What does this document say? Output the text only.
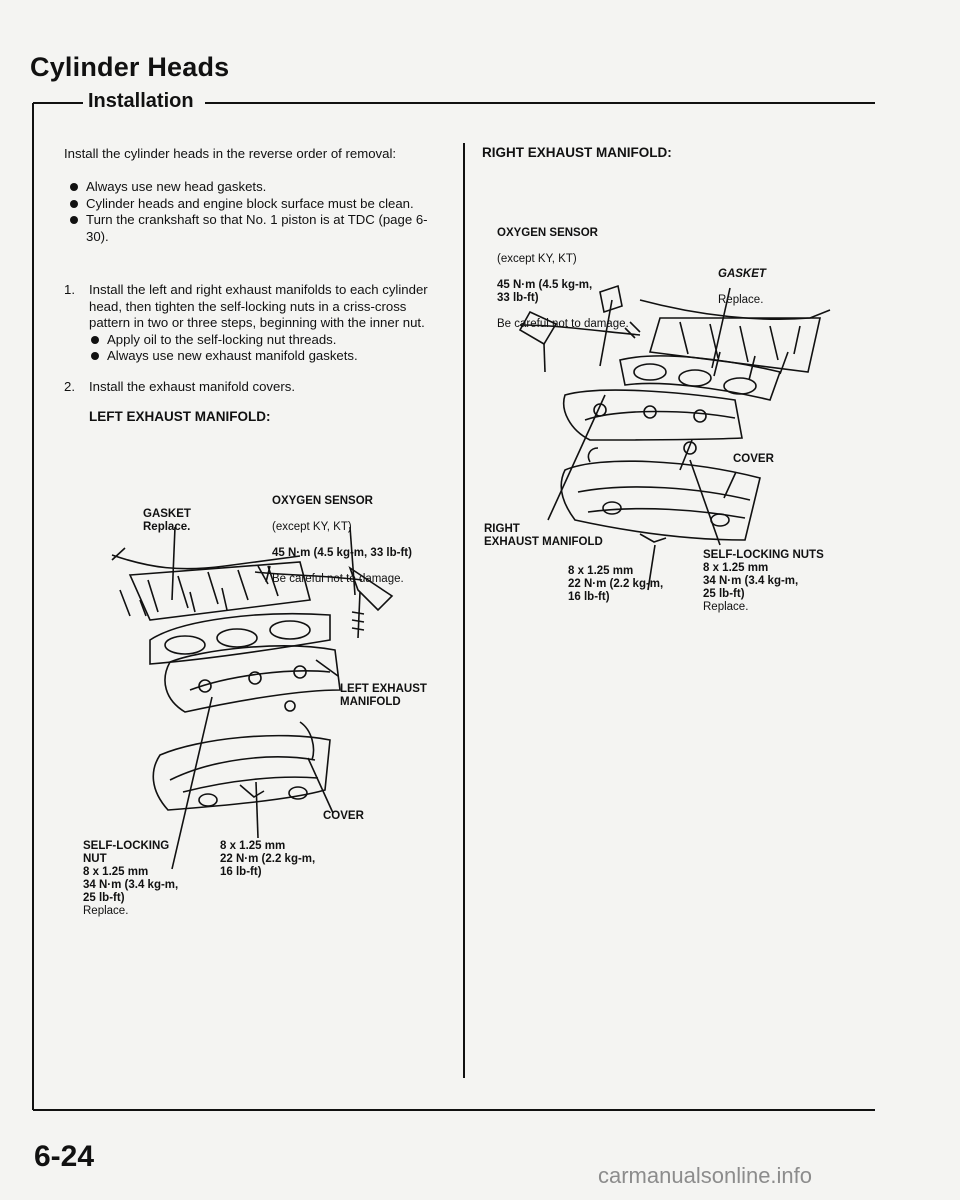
Cylinder Heads
Installation
Install the cylinder heads in the reverse order of removal:
Always use new head gaskets.
Cylinder heads and engine block surface must be clean.
Turn the crankshaft so that No. 1 piston is at TDC (page 6-30).
1. Install the left and right exhaust manifolds to each cylinder head, then tighten the self-locking nuts in a criss-cross pattern in two or three steps, beginning with the inner nut.
Apply oil to the self-locking nut threads.
Always use new exhaust manifold gaskets.
2. Install the exhaust manifold covers.
LEFT EXHAUST MANIFOLD:
GASKET
Replace.

OXYGEN SENSOR

(except KY, KT)

45 N·m (4.5 kg-m, 33 lb-ft)

Be careful not to damage.

LEFT EXHAUST
MANIFOLD
COVER
SELF-LOCKING
NUT
8 x 1.25 mm
34 N·m (3.4 kg-m,
25 lb-ft)
Replace.
8 x 1.25 mm
22 N·m (2.2 kg-m,
16 lb-ft)
RIGHT EXHAUST MANIFOLD:

OXYGEN SENSOR

(except KY, KT)

45 N·m (4.5 kg-m,
33 lb-ft)

Be careful not to damage.

GASKET

Replace.

COVER
RIGHT
EXHAUST MANIFOLD
8 x 1.25 mm
22 N·m (2.2 kg-m,
16 lb-ft)
SELF-LOCKING NUTS
8 x 1.25 mm
34 N·m (3.4 kg-m,
25 lb-ft)
Replace.
6-24
carmanualsonline.info
